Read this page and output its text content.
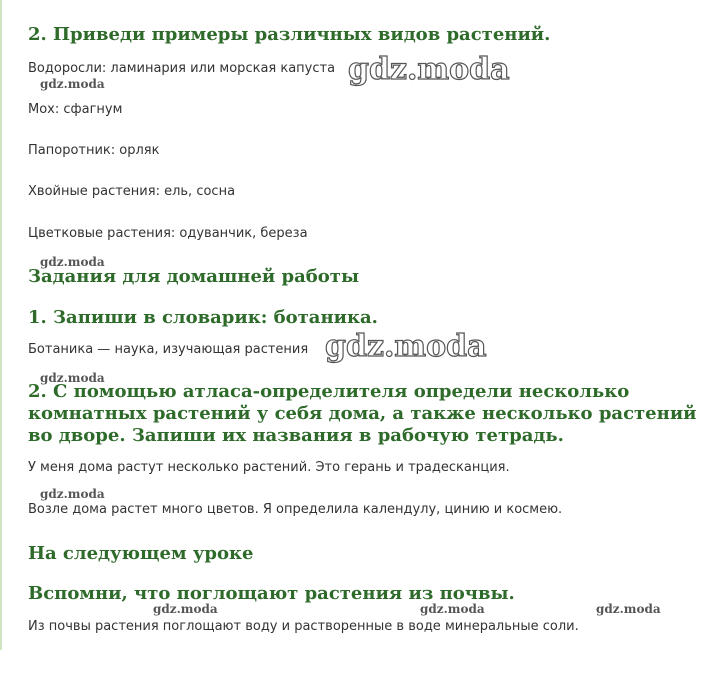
2. Приведи примеры различных видов растений.

Водоросли: ламинария или морская капуста

Мох: сфагнум

Папоротник: орляк

Хвойные растения: ель, сосна

Цветковые растения: одуванчик, береза

Задания для домашней работы
1. Запиши в словарик: ботаника.

Ботаника — наука, изучающая растения

2. С помощью атласа-определителя определи несколько комнатных растений у себя дома, а также несколько растений во дворе. Запиши их названия в рабочую тетрадь.

У меня дома растут несколько растений. Это герань и традесканция.

Возле дома растет много цветов. Я определила календулу, цинию и космею.

На следующем уроке
Вспомни, что поглощают растения из почвы.

Из почвы растения поглощают воду и растворенные в воде минеральные соли.

gdz.moda
gdz.moda
gdz.moda
gdz.moda
gdz.moda
gdz.moda
gdz.moda	gdz.moda	gdz.moda
